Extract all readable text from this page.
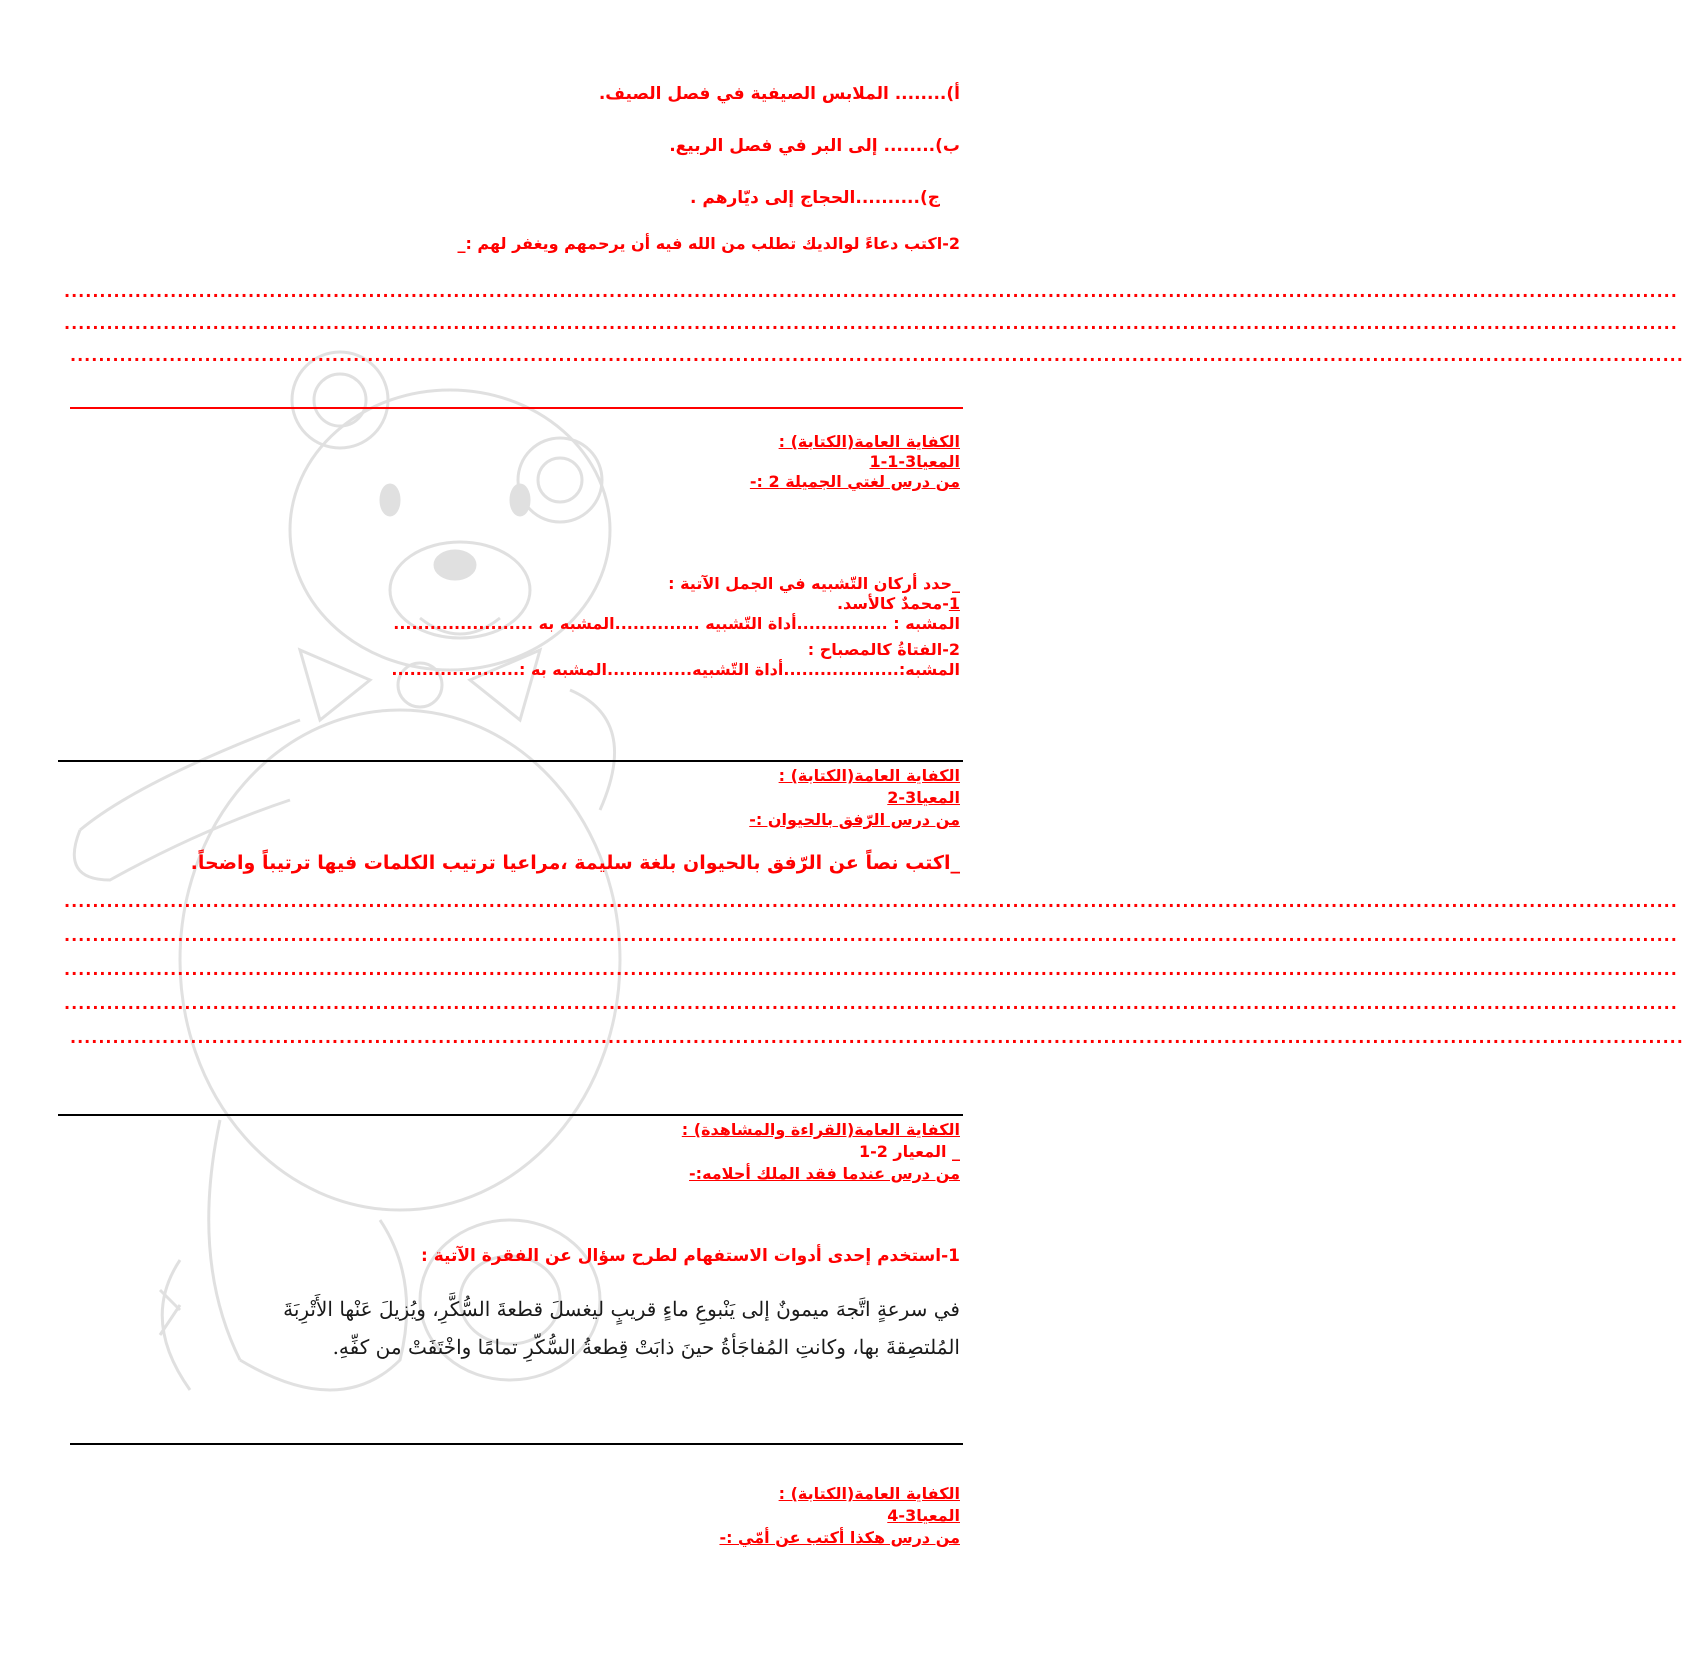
أ)........ الملابس الصيفية في فصل الصيف.
ب)........ إلى البر في فصل الربيع.
ج)..........الحجاج إلى ديّارهم .
2-اكتب دعاءً لوالديك تطلب من الله فيه أن يرحمهم ويغفر لهم :_
....................................................................................................................................................................................................................................
....................................................................................................................................................................................................................................
....................................................................................................................................................................................................................................
الكفاية العامة(الكتابة) :
المعيا3-1-1
من درس لغتي الجميلة 2 :-
_حدد أركان التّشبيه في الجمل الآتية :
1-محمدٌ كالأسد.
المشبه : ...............أداة التّشبيه ..............المشبه به .......................
2-الفتاةُ كالمصباح :
المشبه:...................أداة التّشبيه..............المشبه به :.....................
الكفاية العامة(الكتابة) :
المعيا3-2
من درس الرّفق بالحيوان :-
_اكتب نصاً عن الرّفق بالحيوان بلغة سليمة ،مراعيا ترتيب الكلمات فيها ترتيباً واضحاً.
....................................................................................................................................................................................................................................
....................................................................................................................................................................................................................................
....................................................................................................................................................................................................................................
....................................................................................................................................................................................................................................
....................................................................................................................................................................................................................................
الكفاية العامة(القراءة والمشاهدة) :
_ المعيار 2-1
من درس عندما فقد الملك أحلامه:-
1-استخدم إحدى أدوات الاستفهام لطرح سؤال عن الفقرة الآتية :
في سرعةٍ اتَّجهَ ميمونٌ إلى يَنْبوعِ ماءٍ قريبٍ ليغسلَ قطعةَ السُّكَّرِ، ويُزيلَ عَنْها الأَتْرِبَةَ
المُلتصِقةَ بها، وكانتِ المُفاجَأةُ حينَ ذابَتْ قِطعةُ السُّكّرِ تمامًا واخْتَفَتْ من كفِّهِ.
الكفاية العامة(الكتابة) :
المعيا3-4
من درس هكذا أكتب عن أمّي :-
